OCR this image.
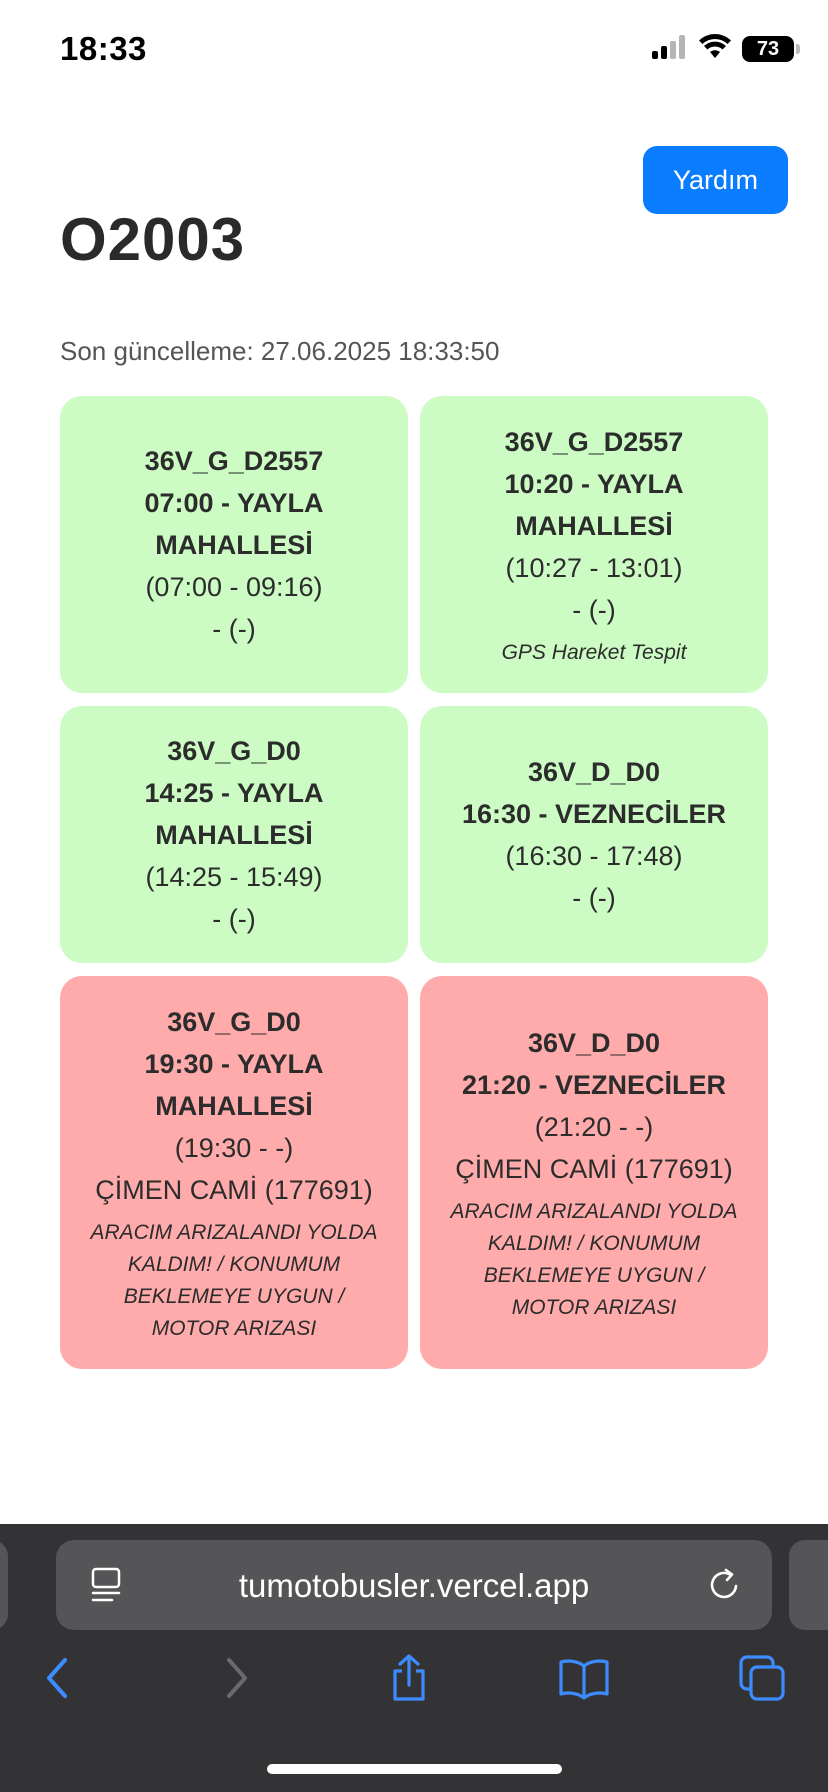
18:33	73
Yardım
O2003
Son güncelleme: 27.06.2025 18:33:50
36V_G_D2557
07:00 - YAYLA MAHALLESİ
(07:00 - 09:16)
- (-)
36V_G_D2557
10:20 - YAYLA MAHALLESİ
(10:27 - 13:01)
- (-)
GPS Hareket Tespit
36V_G_D0
14:25 - YAYLA MAHALLESİ
(14:25 - 15:49)
- (-)
36V_D_D0
16:30 - VEZNECİLER
(16:30 - 17:48)
- (-)
36V_G_D0
19:30 - YAYLA MAHALLESİ
(19:30 - -)
ÇİMEN CAMİ (177691)
ARACIM ARIZALANDI YOLDA KALDIM! / KONUMUM BEKLEMEYE UYGUN / MOTOR ARIZASI
36V_D_D0
21:20 - VEZNECİLER
(21:20 - -)
ÇİMEN CAMİ (177691)
ARACIM ARIZALANDI YOLDA KALDIM! / KONUMUM BEKLEMEYE UYGUN / MOTOR ARIZASI
tumotobusler.vercel.app
